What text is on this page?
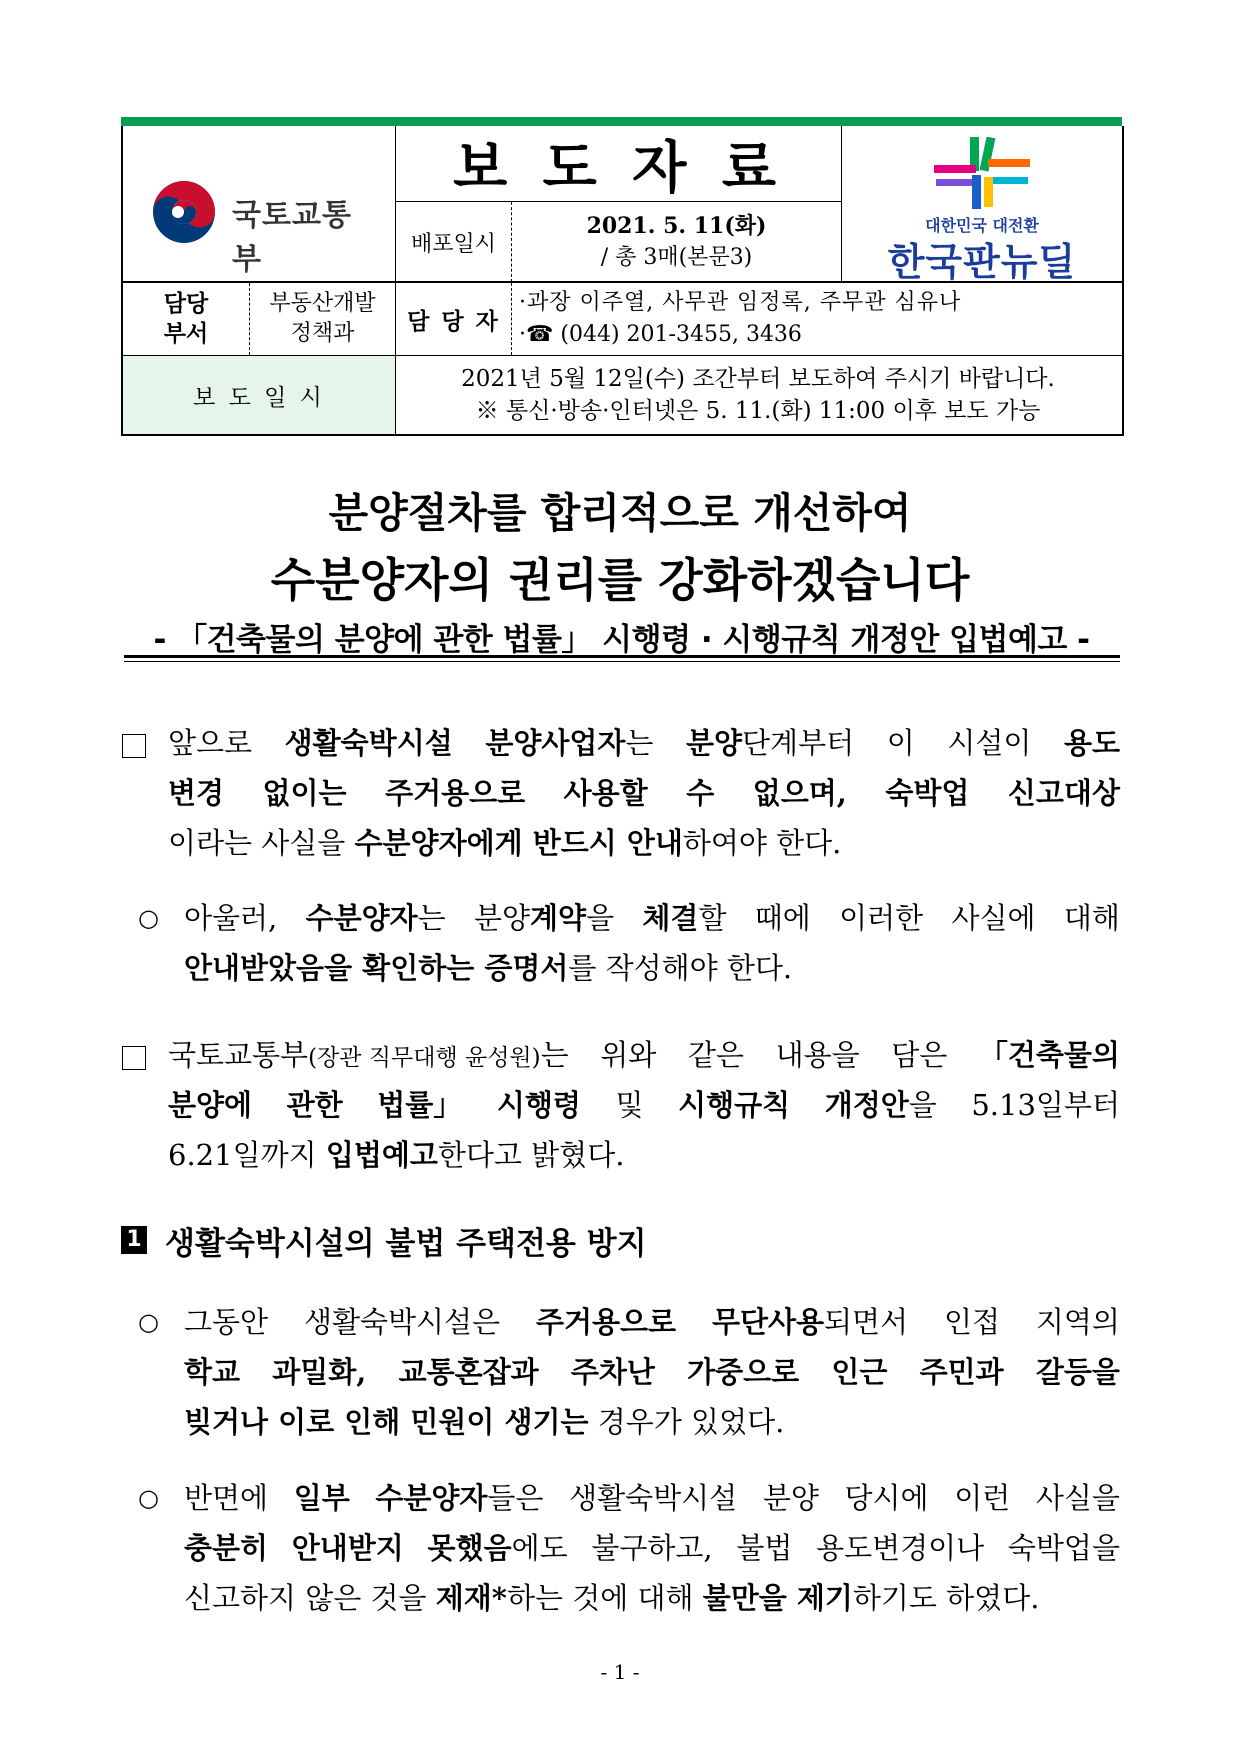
국토교통부
보 도 자 료
배포일시
2021. 5. 11(화)
/ 총 3매(본문3)
대한민국 대전환
한국판뉴딜
담당
부서
부동산개발
정책과	담 당 자
·과장 이주열, 사무관 임정록, 주무관 심유나
·☎ (044) 201-3455, 3436
보 도 일 시
2021년 5월 12일(수) 조간부터 보도하여 주시기 바랍니다.
※ 통신·방송·인터넷은 5. 11.(화) 11:00 이후 보도 가능
분양절차를 합리적으로 개선하여
수분양자의 권리를 강화하겠습니다
- 「건축물의 분양에 관한 법률」 시행령 · 시행규칙 개정안 입법예고 -
앞으로 생활숙박시설 분양사업자는 분양단계부터 이 시설이 용도
변경 없이는 주거용으로 사용할 수 없으며, 숙박업 신고대상
이라는 사실을 수분양자에게 반드시 안내하여야 한다.
○ 아울러, 수분양자는 분양계약을 체결할 때에 이러한 사실에 대해
안내받았음을 확인하는 증명서를 작성해야 한다.
국토교통부(장관 직무대행 윤성원)는 위와 같은 내용을 담은 「건축물의
분양에 관한 법률」 시행령 및 시행규칙 개정안을 5.13일부터
6.21일까지 입법예고한다고 밝혔다.
1 생활숙박시설의 불법 주택전용 방지
○ 그동안 생활숙박시설은 주거용으로 무단사용되면서 인접 지역의
학교 과밀화, 교통혼잡과 주차난 가중으로 인근 주민과 갈등을
빚거나 이로 인해 민원이 생기는 경우가 있었다.
○ 반면에 일부 수분양자들은 생활숙박시설 분양 당시에 이런 사실을
충분히 안내받지 못했음에도 불구하고, 불법 용도변경이나 숙박업을
신고하지 않은 것을 제재*하는 것에 대해 불만을 제기하기도 하였다.
- 1 -
